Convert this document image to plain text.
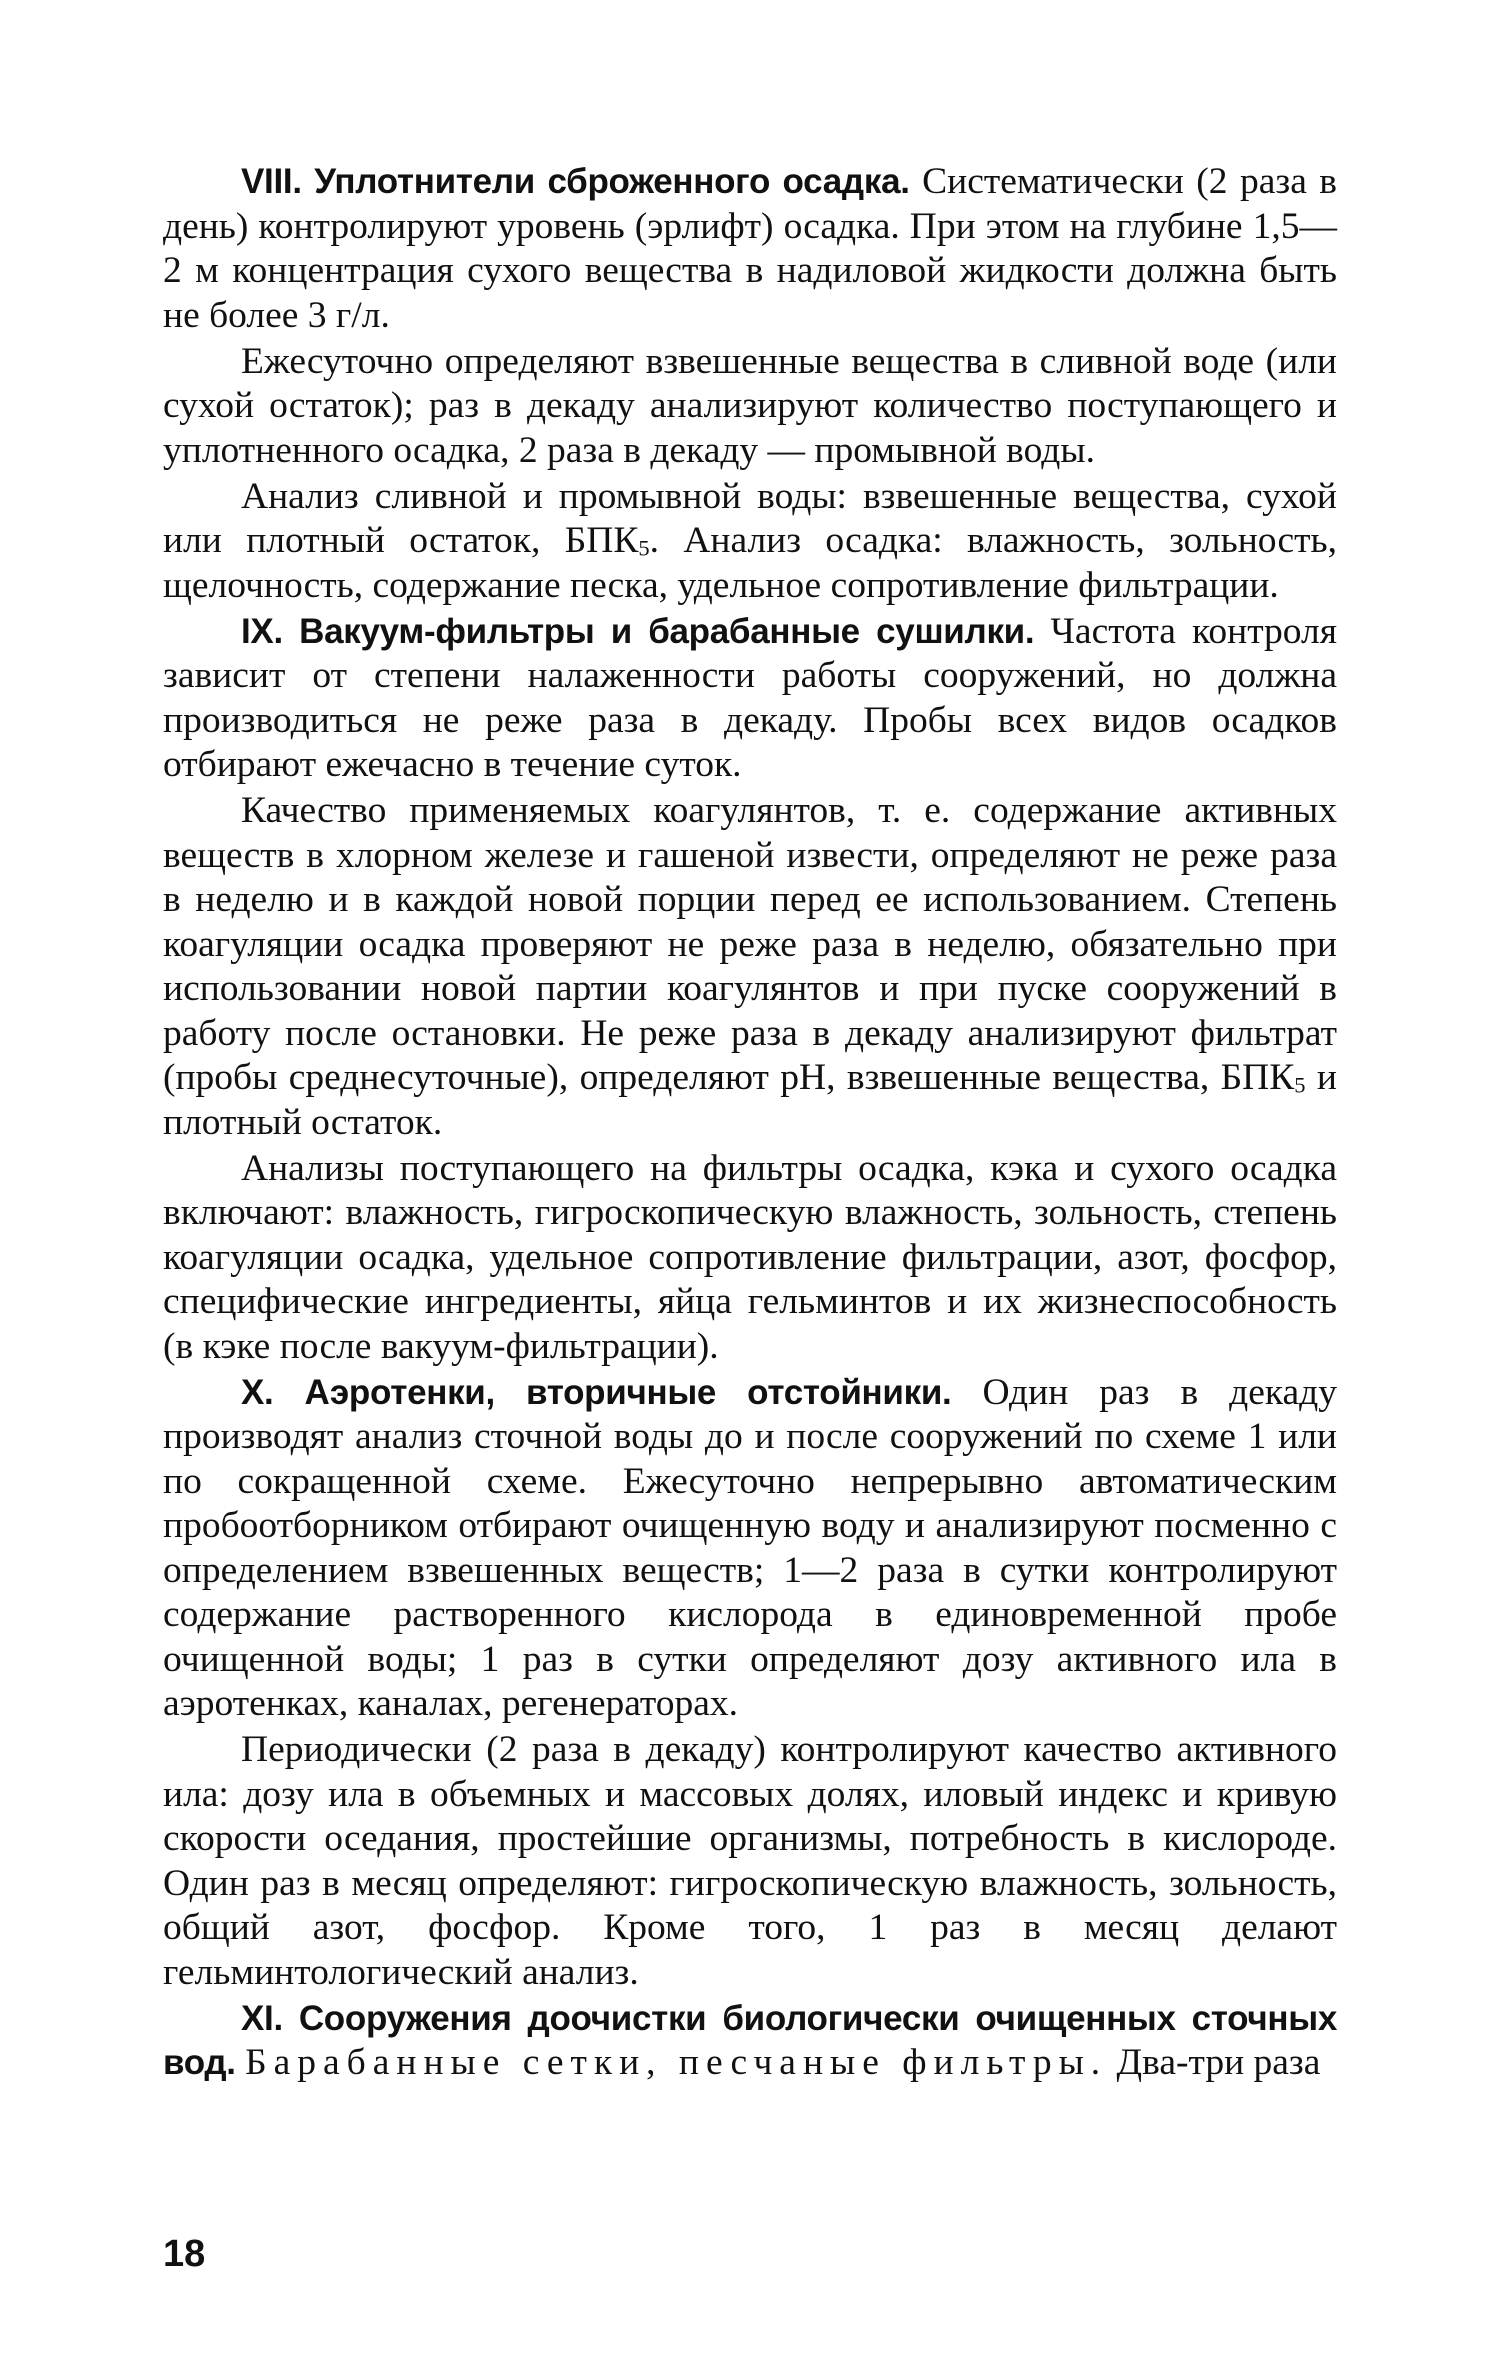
VIII. Уплотнители сброженного осадка. Систематически (2 раза в день) контролируют уровень (эрлифт) осадка. При этом на глубине 1,5—2 м концентрация сухого вещества в надиловой жидкости должна быть не более 3 г/л.

Ежесуточно определяют взвешенные вещества в сливной воде (или сухой остаток); раз в декаду анализируют количество поступающего и уплотненного осадка, 2 раза в декаду — промывной воды.

Анализ сливной и промывной воды: взвешенные вещества, сухой или плотный остаток, $БПК_5$. Анализ осадка: влажность, зольность, щелочность, содержание песка, удельное сопротивление фильтрации.

IX. Вакуум-фильтры и барабанные сушилки. Частота контроля зависит от степени налаженности работы сооружений, но должна производиться не реже раза в декаду. Пробы всех видов осадков отбирают ежечасно в течение суток.

Качество применяемых коагулянтов, т. е. содержание активных веществ в хлорном железе и гашеной извести, определяют не реже раза в неделю и в каждой новой порции перед ее использованием. Степень коагуляции осадка проверяют не реже раза в неделю, обязательно при использовании новой партии коагулянтов и при пуске сооружений в работу после остановки. Не реже раза в декаду анализируют фильтрат (пробы среднесуточные), определяют pH, взвешенные вещества, $БПК_5$ и плотный остаток.

Анализы поступающего на фильтры осадка, кэка и сухого осадка включают: влажность, гигроскопическую влажность, зольность, степень коагуляции осадка, удельное сопротивление фильтрации, азот, фосфор, специфические ингредиенты, яйца гельминтов и их жизнеспособность (в кэке после вакуум-фильтрации).

X. Аэротенки, вторичные отстойники. Один раз в декаду производят анализ сточной воды до и после сооружений по схеме 1 или по сокращенной схеме. Ежесуточно непрерывно автоматическим пробоотборником отбирают очищенную воду и анализируют посменно с определением взвешенных веществ; 1—2 раза в сутки контролируют содержание растворенного кислорода в единовременной пробе очищенной воды; 1 раз в сутки определяют дозу активного ила в аэротенках, каналах, регенераторах.

Периодически (2 раза в декаду) контролируют качество активного ила: дозу ила в объемных и массовых долях, иловый индекс и кривую скорости оседания, простейшие организмы, потребность в кислороде. Один раз в месяц определяют: гигроскопическую влажность, зольность, общий азот, фосфор. Кроме того, 1 раз в месяц делают гельминтологический анализ.

XI. Сооружения доочистки биологически очищенных сточных вод. Барабанные сетки, песчаные фильтры. Два-три раза

18
